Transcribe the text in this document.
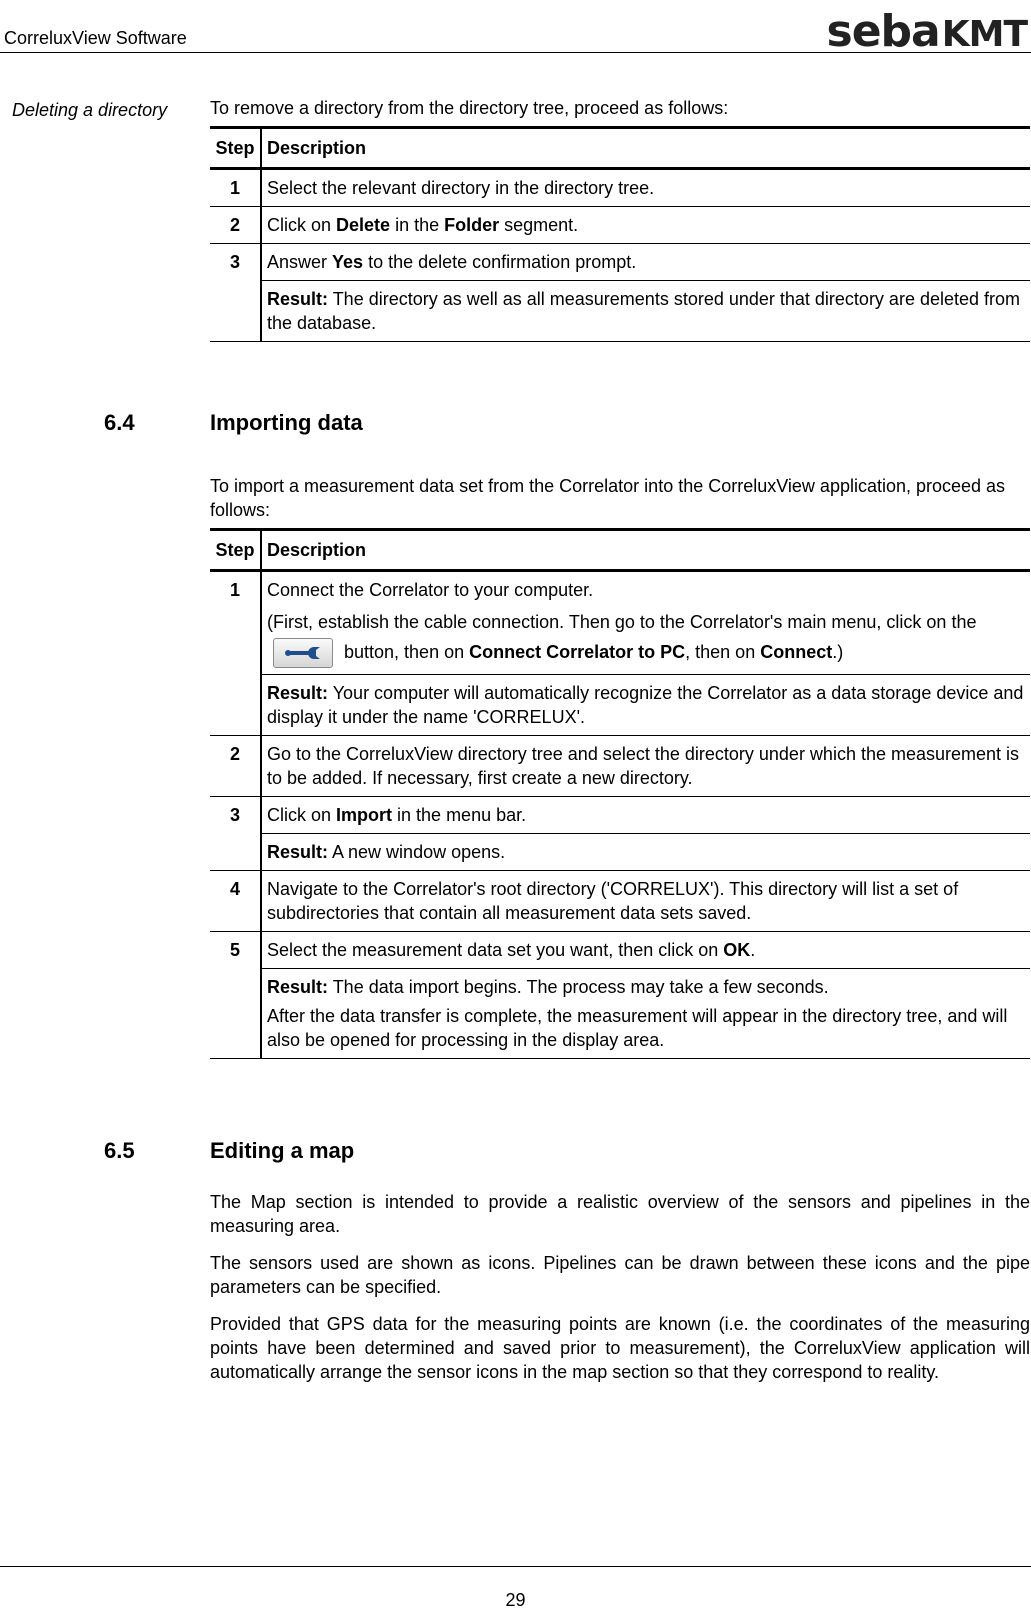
CorreluxView Software	sebaKMT
Deleting a directory To remove a directory from the directory tree, proceed as follows:

Step	Description
1	Select the relevant directory in the directory tree.
2	Click on Delete in the Folder segment.
3	Answer Yes to the delete confirmation prompt.
	Result: The directory as well as all measurements stored under that directory are deleted from the database.
6.4	Importing data

To import a measurement data set from the Correlator into the CorreluxView application, proceed as follows:

Step	Description
1	Connect the Correlator to your computer.

(First, establish the cable connection. Then go to the Correlator's main menu, click on the  button, then on Connect Correlator to PC, then on Connect.)

	Result: Your computer will automatically recognize the Correlator as a data storage device and display it under the name 'CORRELUX'.
2	Go to the CorreluxView directory tree and select the directory under which the measurement is to be added. If necessary, first create a new directory.
3	Click on Import in the menu bar.
	Result: A new window opens.
4	Navigate to the Correlator's root directory ('CORRELUX'). This directory will list a set of subdirectories that contain all measurement data sets saved.
5	Select the measurement data set you want, then click on OK.

	Result: The data import begins. The process may take a few seconds.

After the data transfer is complete, the measurement will appear in the directory tree, and will also be opened for processing in the display area.

6.5	Editing a map

The Map section is intended to provide a realistic overview of the sensors and pipelines in the measuring area.

The sensors used are shown as icons. Pipelines can be drawn between these icons and the pipe parameters can be specified.

Provided that GPS data for the measuring points are known (i.e. the coordinates of the measuring points have been determined and saved prior to measurement), the CorreluxView application will automatically arrange the sensor icons in the map section so that they correspond to reality.

29
